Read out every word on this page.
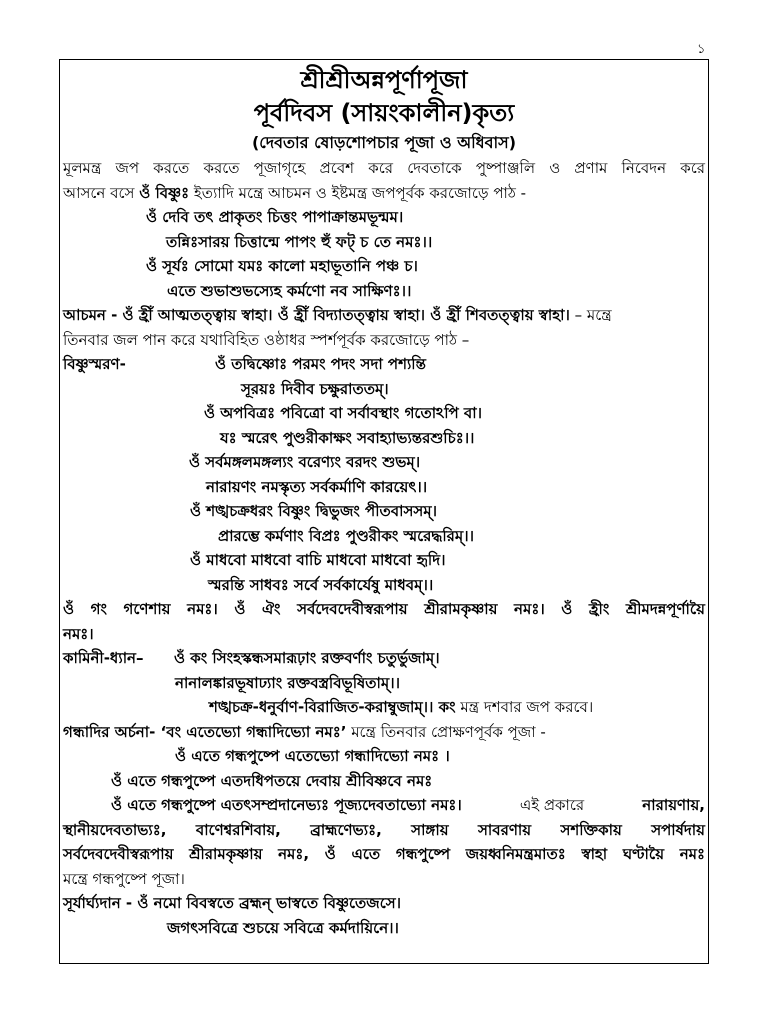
১
শ্রীশ্রীঅন্নপূর্ণাপূজা
পূর্বদিবস (সায়ংকালীন)কৃত্য
(দেবতার ষোড়শোপচার পূজা ও অধিবাস)
মূলমন্ত্র জপ করতে করতে পূজাগৃহে প্রবেশ করে দেবতাকে পুষ্পাঞ্জলি ও প্রণাম নিবেদন করে
আসনে বসে ওঁ বিষ্ণুঃ ইত্যাদি মন্ত্রে আচমন ও ইষ্টমন্ত্র জপপূর্বক করজোড়ে পাঠ -
ওঁ দেবি তৎ প্রাকৃতং চিত্তং পাপাক্রান্তমভূন্মম।
তন্নিঃসারয় চিত্তান্মে পাপং হুঁ ফট্ চ তে নমঃ।।
ওঁ সূর্যঃ সোমো যমঃ কালো মহাভূতানি পঞ্চ চ।
এতে শুভাশুভস্যেহ কর্মণো নব সাক্ষিণঃ।।
আচমন - ওঁ হ্রীঁ আত্মতত্ত্বায় স্বাহা। ওঁ হ্রীঁ বিদ্যাতত্ত্বায় স্বাহা। ওঁ হ্রীঁ শিবতত্ত্বায় স্বাহা। – মন্ত্রে
তিনবার জল পান করে যথাবিহিত ওষ্ঠাধর স্পর্শপূর্বক করজোড়ে পাঠ –
বিষ্ণুস্মরণ-	ওঁ তদ্বিষ্ণোঃ পরমং পদং সদা পশ্যন্তি
সূরয়ঃ দিবীব চক্ষুরাততম্।
ওঁ অপবিত্রঃ পবিত্রো বা সর্বাবস্থাং গতোঽপি বা।
যঃ স্মরেৎ পুণ্ডরীকাক্ষং সবাহ্যাভ্যন্তরশুচিঃ।।
ওঁ সর্বমঙ্গলমঙ্গল্যং বরেণ্যং বরদং শুভম্।
নারায়ণং নমস্কৃত্য সর্বকর্মাণি কারয়েৎ।।
ওঁ শঙ্খচক্রধরং বিষ্ণুং দ্বিভুজং পীতবাসসম্।
প্রারম্ভে কর্মণাং বিপ্রঃ পুণ্ডরীকং স্মরেদ্ধরিম্।।
ওঁ মাধবো মাধবো বাচি মাধবো মাধবো হৃদি।
স্মরন্তি সাধবঃ সর্বে সর্বকার্যেষু মাধবম্।।
ওঁ গং গণেশায় নমঃ। ওঁ ঐং সর্বদেবদেবীস্বরূপায় শ্রীরামকৃষ্ণায় নমঃ। ওঁ হ্রীং শ্রীমদন্নপূর্ণায়ৈ
নমঃ।
কামিনী-ধ্যান– ওঁ কং সিংহস্কন্ধসমারূঢ়াং রক্তবর্ণাং চতুর্ভুজাম্।
নানালঙ্কারভূষাঢ্যাং রক্তবস্ত্রবিভূষিতাম্।।
শঙ্খচক্র-ধনুর্বাণ-বিরাজিত-করাম্বুজাম্।। কং মন্ত্র দশবার জপ করবে।
গন্ধাদির অর্চনা- ‘বং এতেভ্যো গন্ধাদিভ্যো নমঃ’ মন্ত্রে তিনবার প্রোক্ষণপূর্বক পূজা -
ওঁ এতে গন্ধপুষ্পে এতেভ্যো গন্ধাদিভ্যো নমঃ ।
ওঁ এতে গন্ধপুষ্পে এতদধিপতয়ে দেবায় শ্রীবিষ্ণবে নমঃ
ওঁ এতে গন্ধপুষ্পে এতৎসম্প্রদানেভ্যঃ পূজ্যদেবতাভ্যো নমঃ।	এই প্রকারে	নারায়ণায়,
স্থানীয়দেবতাভ্যঃ, বাণেশ্বরশিবায়, ব্রাহ্মণেভ্যঃ, সাঙ্গায় সাবরণায় সশক্তিকায় সপার্ষদায়
সর্বদেবদেবীস্বরূপায় শ্রীরামকৃষ্ণায় নমঃ, ওঁ এতে গন্ধপুষ্পে জয়ধ্বনিমন্ত্রমাতঃ স্বাহা ঘণ্টায়ৈ নমঃ
মন্ত্রে গন্ধপুষ্পে পূজা।
সূর্যার্ঘ্যদান - ওঁ নমো বিবস্বতে ব্রহ্মন্ ভাস্বতে বিষ্ণুতেজসে।
জগৎসবিত্রে শুচয়ে সবিত্রে কর্মদায়িনে।।
